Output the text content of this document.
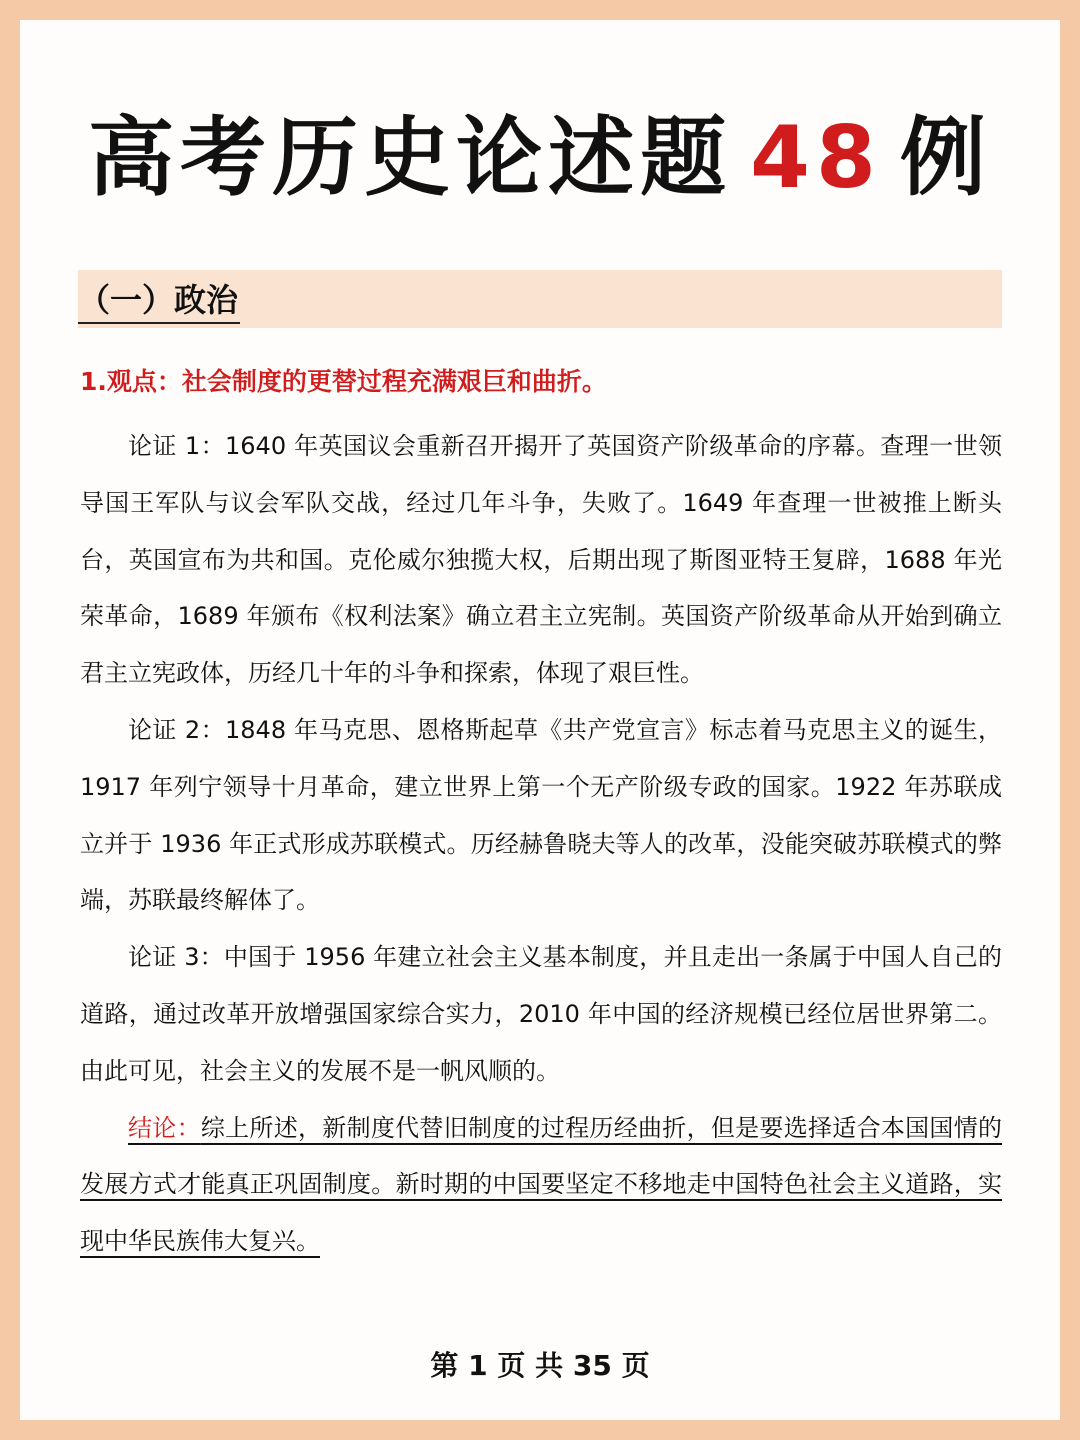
高考历史论述题 48 例
（一）政治
1.观点：社会制度的更替过程充满艰巨和曲折。

论证 1：1640 年英国议会重新召开揭开了英国资产阶级革命的序幕。查理一世领导国王军队与议会军队交战，经过几年斗争，失败了。1649 年查理一世被推上断头台，英国宣布为共和国。克伦威尔独揽大权，后期出现了斯图亚特王复辟，1688 年光荣革命，1689 年颁布《权利法案》确立君主立宪制。英国资产阶级革命从开始到确立君主立宪政体，历经几十年的斗争和探索，体现了艰巨性。

论证 2：1848 年马克思、恩格斯起草《共产党宣言》标志着马克思主义的诞生，1917 年列宁领导十月革命，建立世界上第一个无产阶级专政的国家。1922 年苏联成立并于 1936 年正式形成苏联模式。历经赫鲁晓夫等人的改革，没能突破苏联模式的弊端，苏联最终解体了。

论证 3：中国于 1956 年建立社会主义基本制度，并且走出一条属于中国人自己的道路，通过改革开放增强国家综合实力，2010 年中国的经济规模已经位居世界第二。由此可见，社会主义的发展不是一帆风顺的。

结论：综上所述，新制度代替旧制度的过程历经曲折，但是要选择适合本国国情的发展方式才能真正巩固制度。新时期的中国要坚定不移地走中国特色社会主义道路，实现中华民族伟大复兴。

第 1 页 共 35 页
